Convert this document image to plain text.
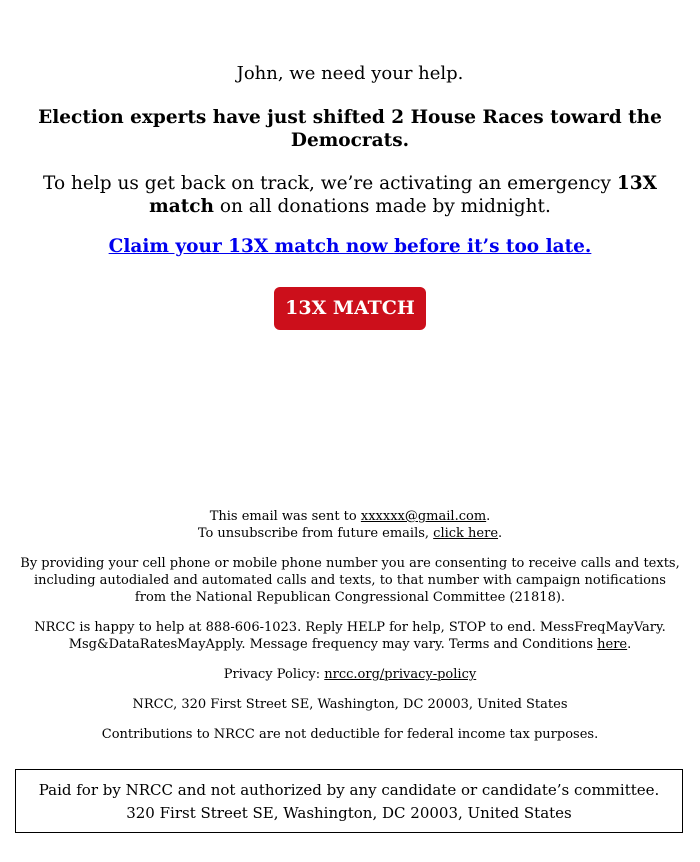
John, we need your help.

Election experts have just shifted 2 House Races toward the Democrats.

To help us get back on track, we’re activating an emergency 13X match on all donations made by midnight.

Claim your 13X match now before it’s too late.

13X MATCH

This email was sent to xxxxxx@gmail.com.
To unsubscribe from future emails, click here.

By providing your cell phone or mobile phone number you are consenting to receive calls and texts, including autodialed and automated calls and texts, to that number with campaign notifications from the National Republican Congressional Committee (21818).

NRCC is happy to help at 888-606-1023. Reply HELP for help, STOP to end. MessFreqMayVary. Msg&DataRatesMayApply. Message frequency may vary. Terms and Conditions here.

Privacy Policy: nrcc.org/privacy-policy

NRCC, 320 First Street SE, Washington, DC 20003, United States

Contributions to NRCC are not deductible for federal income tax purposes.

Paid for by NRCC and not authorized by any candidate or candidate’s committee. 320 First Street SE, Washington, DC 20003, United States
